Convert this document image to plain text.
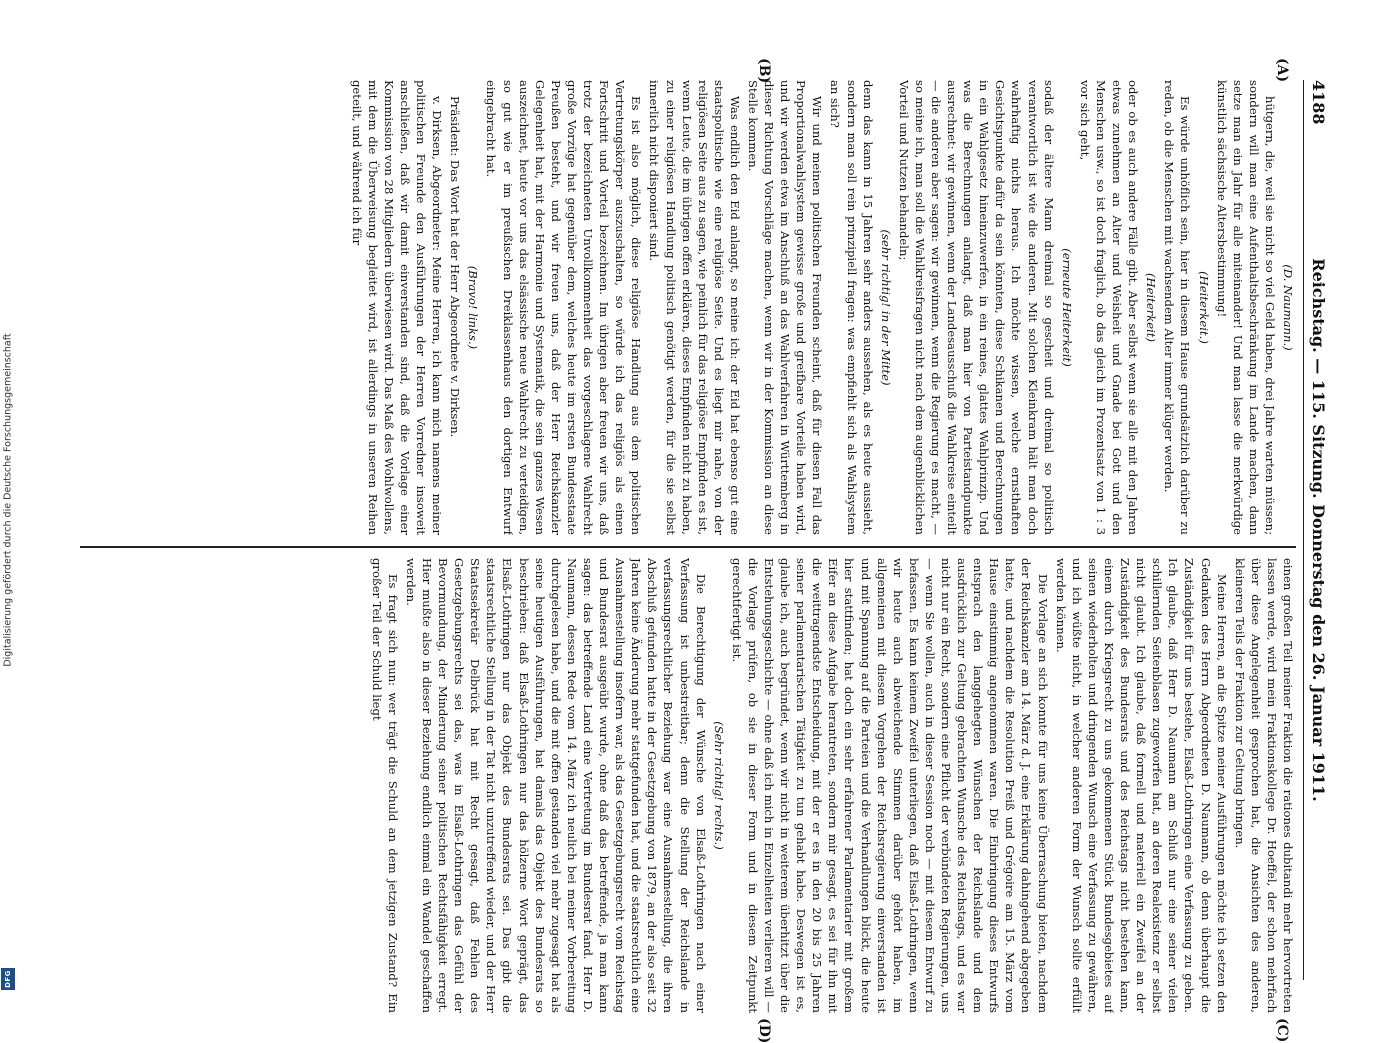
Digitalisierung gefördert durch die Deutsche Forschungsgemeinschaft
DFG
4188
Reichstag. — 115. Sitzung. Donnerstag den 26. Januar 1911.
(A)
(B)
(C)
(D)

(D. Naumann.)

hütgern, die, weil sie nicht so viel Geld haben, drei Jahre warten müssen; sondern will man eine Aufenthaltsbeschränkung im Lande machen, dann setze man ein Jahr für alle miteinander! Und man lasse die merkwürdige künstlich sächsische Altersbestimmung!

(Heiterkeit.)

Es würde unhöflich sein, hier in diesem Hause grundsätzlich darüber zu reden, ob die Menschen mit wachsendem Alter immer klüger werden.

(Heiterkeit)

oder ob es auch andere Fälle gibt. Aber selbst wenn sie alle mit den Jahren etwas zunehmen an Alter und Weisheit und Gnade bei Gott und den Menschen usw., so ist doch fraglich, ob das gleich im Prozentsatz von 1 : 3 vor sich geht,

(erneute Heiterkeit)

sodaß der ältere Mann dreimal so gescheit und dreimal so politisch verantwortlich ist wie die anderen. Mit solchen Kleinkram hält man doch wahrhaftig nichts heraus. Ich möchte wissen, welche ernsthaften Gesichtspunkte dafür da sein könnten, diese Schikanen und Berechnungen in ein Wahlgesetz hineinzuwerfen, in ein reines, glattes Wahlprinzip. Und was die Berechnungen anlangt, daß man hier von Parteistandpunkte ausrechnet: wir gewinnen, wenn der Landesausschuß die Wahlkreise einteilt — die anderen aber sagen: wir gewinnen, wenn die Regierung es macht, — so meine ich, man soll die Wahlkreisfragen nicht nach dem augenblicklichen Vorteil und Nutzen behandeln;

(sehr richtig! in der Mitte)

denn das kann in 15 Jahren sehr anders aussehen, als es heute aussieht, sondern man soll rein prinzipiell fragen: was empfiehlt sich als Wahlsystem an sich?

Wir und meinen politischen Freunden scheint, daß für diesen Fall das Proportionalwahlsystem gewisse große und greifbare Vorteile haben wird, und wir werden etwa im Anschluß an das Wahlverfahren in Württemberg in dieser Richtung Vorschläge machen, wenn wir in der Kommission an diese Stelle kommen.

Was endlich den Eid anlangt, so meine ich: der Eid hat ebenso gut eine staatspolitische wie eine religiöse Seite. Und es liegt mir nahe, von der religiösen Seite aus zu sagen, wie peinlich für das religiöse Empfinden es ist, wenn Leute, die im übrigen offen erklären, dieses Empfinden nicht zu haben, zu einer religiösen Handlung politisch genötigt werden, für die sie selbst innerlich nicht disponiert sind.

Es ist also möglich, diese religiöse Handlung aus dem politischen Vertretungskörper auszuschalten, so würde ich das religiös als einen Fortschritt und Vorteil bezeichnen. Im übrigen aber freuen wir uns, daß trotz der bezeichneten Unvollkommenheit das vorgeschlagene Wahlrecht große Vorzüge hat gegenüber dem, welches heute im ersten Bundesstaate Preußen besteht, und wir freuen uns, daß der Herr Reichskanzler Gelegenheit hat, mit der Harmonie und Systematik, die sein ganzes Wesen auszeichnet, heute vor uns das elsässische neue Wahlrecht zu verteidigen, so gut wie er im preußischen Dreiklassenhaus den dortigen Entwurf eingebracht hat.

(Bravo! links.)

Präsident: Das Wort hat der Herr Abgeordnete v. Dirksen.

v. Dirksen, Abgeordneter: Meine Herren, ich kann mich namens meiner politischen Freunde den Ausführungen der Herren Vorredner insoweit anschließen, daß wir damit einverstanden sind, daß die Vorlage einer Kommission von 28 Mitgliedern überwiesen wird. Das Maß des Wohlwollens, mit dem die Überweisung begleitet wird, ist allerdings in unseren Reihen geteilt, und während ich für

einen großen Teil meiner Fraktion die rationes dubitandi mehr hervortreten lassen werde, wird mein Fraktionskollege Dr. Hoeffel, der schon mehrfach über diese Angelegenheit gesprochen hat, die Ansichten des anderen, kleineren Teils der Fraktion zur Geltung bringen.

Meine Herren, an die Spitze meiner Ausführungen möchte ich setzen den Gedanken des Herrn Abgeordneten D. Naumann, ob denn überhaupt die Zuständigkeit für uns bestehe, Elsaß-Lothringen eine Verfassung zu geben. Ich glaube, daß Herr D. Naumann am Schluß nur eine seiner vielen schillernden Seitenblasen zugeworfen hat, an deren Realexistenz er selbst nicht glaubt. Ich glaube, daß formell und materiell ein Zweifel an der Zuständigkeit des Bundesrats und des Reichstags nicht bestehen kann, einem durch Kriegsrecht zu uns gekommenen Stück Bundesgebietes auf seinen wiederholten und dringenden Wunsch eine Verfassung zu gewähren, und ich wüßte nicht, in welcher anderen Form der Wunsch sollte erfüllt werden können.

Die Vorlage an sich konnte für uns keine Überraschung bieten, nachdem der Reichskanzler am 14. März d. J. eine Erklärung dahingehend abgegeben hatte, und nachdem die Resolution Preiß und Grégoire am 15. März vom Hause einstimmig angenommen waren. Die Einbringung dieses Entwurfs entsprach den langgehegten Wünschen der Reichslande und dem ausdrücklich zur Geltung gebrachten Wunsche des Reichstags, und es war nicht nur ein Recht, sondern eine Pflicht der verbündeten Regierungen, uns — wenn Sie wollen, auch in dieser Session noch — mit diesem Entwurf zu befassen. Es kann keinem Zweifel unterliegen, daß Elsaß-Lothringen, wenn wir heute auch abweichende Stimmen darüber gehört haben, im allgemeinen mit diesem Vorgehen der Reichsregierung einverstanden ist und mit Spannung auf die Parteien und die Verhandlungen blickt, die heute hier stattfinden; hat doch ein sehr erfahrener Parlamentarier mit großem Eifer an diese Aufgabe herantreten, sondern mir gesagt, es sei für ihn mit die weittragendste Entscheidung, mit der er es in den 20 bis 25 Jahren seiner parlamentarischen Tätigkeit zu tun gehabt habe. Deswegen ist es, glaube ich, auch begründet, wenn wir nicht in weiterem überhitzt über die Entstehungsgeschichte — ohne daß ich mich in Einzelheiten verlieren will — die Vorlage prüfen, ob sie in dieser Form und in diesem Zeitpunkt gerechtfertigt ist.

(Sehr richtig! rechts.)

Die Berechtigung der Wünsche von Elsaß-Lothringen nach einer Verfassung ist unbestreitbar; denn die Stellung der Reichslande in verfassungsrechtlicher Beziehung war eine Ausnahmestellung, die ihren Abschluß gefunden hatte in der Gesetzgebung von 1879, an der also seit 32 Jahren keine Änderung mehr stattgefunden hat, und die staatsrechtlich eine Ausnahmestellung insofern war, als das Gesetzgebungsrecht vom Reichstag und Bundesrat ausgeübt wurde, ohne daß das betreffende, ja man kann sagen: das betreffende Land eine Vertretung im Bundesrat fand. Herr D. Naumann, dessen Rede vom 14. März ich neulich bei meiner Vorbereitung durchgelesen habe, und die mit offen gestanden viel mehr zugesagt hat als seine heutigen Ausführungen, hat damals das Objekt des Bundesrats so beschrieben: daß Elsaß-Lothringen nur das hölzerne Wort geprägt, das Elsaß-Lothringen nur das Objekt des Bundesrats sei. Das gibt die staatsrechtliche Stellung in der Tat nicht unzutreffend wieder, und der Herr Staatssekretär Delbrück hat mit Recht gesagt, daß Fehlen des Gesetzgebungsrechts sei das, was in Elsaß-Lothringen das Gefühl der Bevormundung, der Minderung seiner politischen Rechtsfähigkeit erregt. Hier mußte also in dieser Beziehung endlich einmal ein Wandel geschaffen werden.

Es fragt sich nun: wer trägt die Schuld an dem jetzigen Zustand? Ein großer Teil der Schuld liegt
